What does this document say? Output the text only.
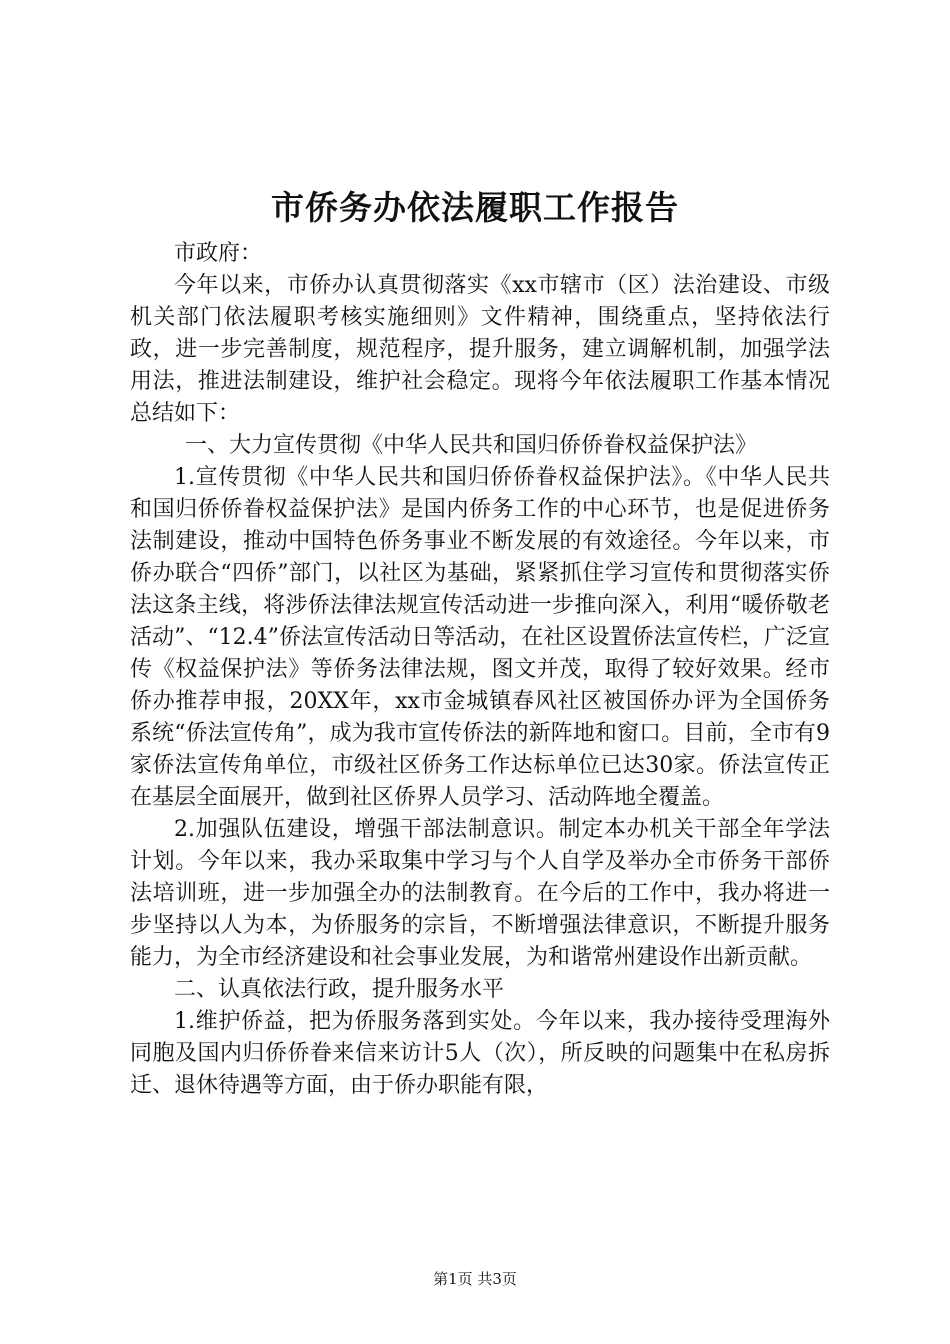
市侨务办依法履职工作报告

市政府：

今年以来，市侨办认真贯彻落实《xx市辖市（区）法治建设、市级机关部门依法履职考核实施细则》文件精神，围绕重点，坚持依法行政，进一步完善制度，规范程序，提升服务，建立调解机制，加强学法用法，推进法制建设，维护社会稳定。现将今年依法履职工作基本情况总结如下：

一、大力宣传贯彻《中华人民共和国归侨侨眷权益保护法》

1.宣传贯彻《中华人民共和国归侨侨眷权益保护法》。《中华人民共和国归侨侨眷权益保护法》是国内侨务工作的中心环节，也是促进侨务法制建设，推动中国特色侨务事业不断发展的有效途径。今年以来，市侨办联合“四侨”部门，以社区为基础，紧紧抓住学习宣传和贯彻落实侨法这条主线，将涉侨法律法规宣传活动进一步推向深入，利用“暖侨敬老活动”、“12.4”侨法宣传活动日等活动，在社区设置侨法宣传栏，广泛宣传《权益保护法》等侨务法律法规，图文并茂，取得了较好效果。经市侨办推荐申报，20XX年，xx市金城镇春风社区被国侨办评为全国侨务系统“侨法宣传角”，成为我市宣传侨法的新阵地和窗口。目前，全市有9家侨法宣传角单位，市级社区侨务工作达标单位已达30家。侨法宣传正在基层全面展开，做到社区侨界人员学习、活动阵地全覆盖。

2.加强队伍建设，增强干部法制意识。制定本办机关干部全年学法计划。今年以来，我办采取集中学习与个人自学及举办全市侨务干部侨法培训班，进一步加强全办的法制教育。在今后的工作中，我办将进一步坚持以人为本，为侨服务的宗旨，不断增强法律意识，不断提升服务能力，为全市经济建设和社会事业发展，为和谐常州建设作出新贡献。

二、认真依法行政，提升服务水平

1.维护侨益，把为侨服务落到实处。今年以来，我办接待受理海外同胞及国内归侨侨眷来信来访计5人（次），所反映的问题集中在私房拆迁、退休待遇等方面，由于侨办职能有限，

第1页 共3页
